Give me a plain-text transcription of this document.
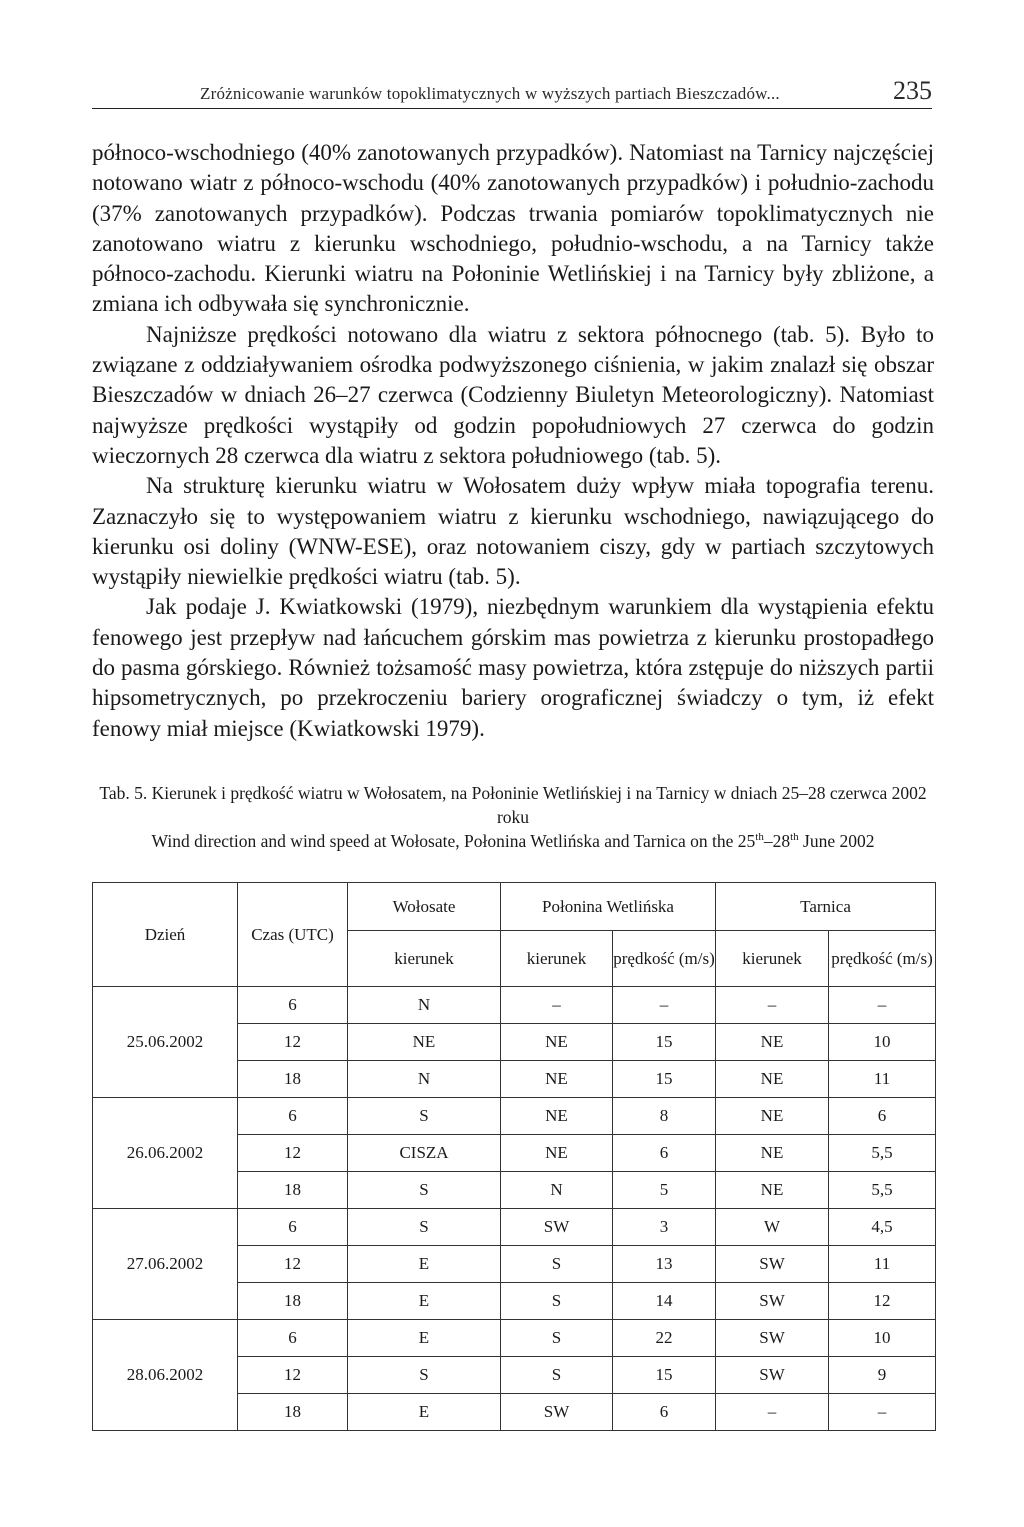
Zróżnicowanie warunków topoklimatycznych w wyższych partiach Bieszczadów...	235

północo-wschodniego (40% zanotowanych przypadków). Natomiast na Tarnicy najczęściej notowano wiatr z północo-wschodu (40% zanotowanych przypadków) i południo-zachodu (37% zanotowanych przypadków). Podczas trwania pomiarów topoklimatycznych nie zanotowano wiatru z kierunku wschodniego, południo-wschodu, a na Tarnicy także północo-zachodu. Kierunki wiatru na Połoninie Wetlińskiej i na Tarnicy były zbliżone, a zmiana ich odbywała się synchronicznie.

Najniższe prędkości notowano dla wiatru z sektora północnego (tab. 5). Było to związane z oddziaływaniem ośrodka podwyższonego ciśnienia, w jakim znalazł się obszar Bieszczadów w dniach 26–27 czerwca (Codzienny Biuletyn Meteorologiczny). Natomiast najwyższe prędkości wystąpiły od godzin popołudniowych 27 czerwca do godzin wieczornych 28 czerwca dla wiatru z sektora południowego (tab. 5).

Na strukturę kierunku wiatru w Wołosatem duży wpływ miała topografia terenu. Zaznaczyło się to występowaniem wiatru z kierunku wschodniego, nawiązującego do kierunku osi doliny (WNW-ESE), oraz notowaniem ciszy, gdy w partiach szczytowych wystąpiły niewielkie prędkości wiatru (tab. 5).

Jak podaje J. Kwiatkowski (1979), niezbędnym warunkiem dla wystąpienia efektu fenowego jest przepływ nad łańcuchem górskim mas powietrza z kierunku prostopadłego do pasma górskiego. Również tożsamość masy powietrza, która zstępuje do niższych partii hipsometrycznych, po przekroczeniu bariery orograficznej świadczy o tym, iż efekt fenowy miał miejsce (Kwiatkowski 1979).

Tab. 5. Kierunek i prędkość wiatru w Wołosatem, na Połoninie Wetlińskiej i na Tarnicy w dniach 25–28 czerwca 2002 roku

Wind direction and wind speed at Wołosate, Połonina Wetlińska and Tarnica on the 25th–28th June 2002

Dzień	Czas (UTC)	Wołosate	Połonina Wetlińska		Tarnica	
		kierunek	kierunek	prędkość (m/s)	kierunek	prędkość (m/s)
25.06.2002	6	N	–	–	–	–
	12	NE	NE	15	NE	10
	18	N	NE	15	NE	11
26.06.2002	6	S	NE	8	NE	6
	12	CISZA	NE	6	NE	5,5
	18	S	N	5	NE	5,5
27.06.2002	6	S	SW	3	W	4,5
	12	E	S	13	SW	11
	18	E	S	14	SW	12
28.06.2002	6	E	S	22	SW	10
	12	S	S	15	SW	9
	18	E	SW	6	–	–
